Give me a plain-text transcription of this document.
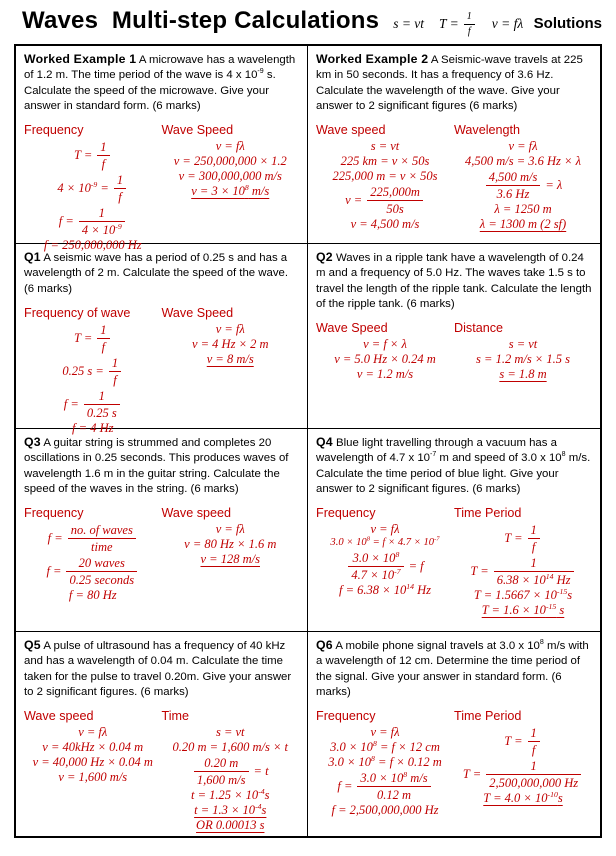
Waves  Multi-step Calculations s = vt $T = \frac{1}{f}$ v = fλ Solutions

Worked Example 1 A microwave has a wavelength of 1.2 m. The time period of the wave is 4 x $10^{-9}$ s. Calculate the speed of the microwave. Give your answer in standard form. (6 marks)

Frequency
$T = \frac{1}{f}$
$4 \times 10^{-9} = \frac{1}{f}$
$f = \frac{1}{4 \times 10^{-9}}$
f = 250,000,000 Hz
Wave Speed
v = fλ
v = 250,000,000 × 1.2
v = 300,000,000 m/s
$v = 3 \times 10^8$ m/s

Worked Example 2 A Seismic-wave travels at 225 km in 50 seconds. It has a frequency of 3.6 Hz. Calculate the wavelength of the wave. Give your answer to 2 significant figures (6 marks)

Wave speed
s = vt
225 km = v × 50s
225,000 m = v × 50s
$v = \frac{225,000m}{50s}$
v = 4,500 m/s
Wavelength
v = fλ
4,500 m/s = 3.6 Hz × λ
$\frac{4,500 m/s}{3.6 Hz} = \lambda$
λ = 1250 m
λ = 1300 m (2 sf)

Q1 A seismic wave has a period of 0.25 s and has a wavelength of 2 m. Calculate the speed of the wave. (6 marks)

Frequency of wave
$T = \frac{1}{f}$
0.25 $s = \frac{1}{f}$
$f = \frac{1}{0.25 s}$
f = 4 Hz
Wave Speed
v = fλ
v = 4 Hz × 2 m
v = 8 m/s

Q2 Waves in a ripple tank have a wavelength of 0.24 m and a frequency of 5.0 Hz. The waves take 1.5 s to travel the length of the ripple tank. Calculate the length of the ripple tank. (6 marks)

Wave Speed
v = f × λ
v = 5.0 Hz × 0.24 m
v = 1.2 m/s
Distance
s = vt
s = 1.2 m/s × 1.5 s
s = 1.8 m

Q3 A guitar string is strummed and completes 20 oscillations in 0.25 seconds. This produces waves of wavelength 1.6 m in the guitar string. Calculate the speed of the waves in the string. (6 marks)

Frequency
$f = \frac{\text{no. of waves}}{\text{time}}$
$f = \frac{\text{20 waves}}{\text{0.25 seconds}}$
f = 80 Hz
Wave speed
v = fλ
v = 80 Hz × 1.6 m
v = 128 m/s

Q4 Blue light travelling through a vacuum has a wavelength of 4.7 x $10^{-7}$ m and speed of 3.0 x $10^8$ m/s. Calculate the time period of blue light. Give your answer to 2 significant figures. (6 marks)

Frequency
v = fλ
$3.0 \times 10^8 = f \times 4.7 \times 10^{-7}$
$\frac{3.0 \times 10^8}{4.7 \times 10^{-7}} = f$
$f = 6.38 \times 10^{14}$ Hz
Time Period
$T = \frac{1}{f}$
$T = \frac{1}{6.38 \times 10^{14} Hz}$
$T = 1.5667 \times 10^{-15}s$
$T = 1.6 \times 10^{-15}$ s

Q5 A pulse of ultrasound has a frequency of 40 kHz and has a wavelength of 0.04 m. Calculate the time taken for the pulse to travel 0.20m. Give your answer to 2 significant figures. (6 marks)

Wave speed
v = fλ
v = 40kHz × 0.04 m
v = 40,000 Hz × 0.04 m
v = 1,600 m/s
Time
s = vt
0.20 m = 1,600 m/s × t
$\frac{0.20 m}{1,600 m/s} = t$
$t = 1.25 \times 10^{-4}s$
$t = 1.3 \times 10^{-4}s$
OR 0.00013 s

Q6 A mobile phone signal travels at 3.0 x $10^8$ m/s with a wavelength of 12 cm. Determine the time period of the signal. Give your answer in standard form. (6 marks)

Frequency
v = fλ
$3.0 \times 10^8 = f \times 12$ cm
$3.0 \times 10^8 = f \times 0.12$ m
$f = \frac{3.0 \times 10^8 m/s}{0.12 m}$
f = 2,500,000,000 Hz
Time Period
$T = \frac{1}{f}$
$T = \frac{1}{2,500,000,000 Hz}$
$T = 4.0 \times 10^{-10}s$
